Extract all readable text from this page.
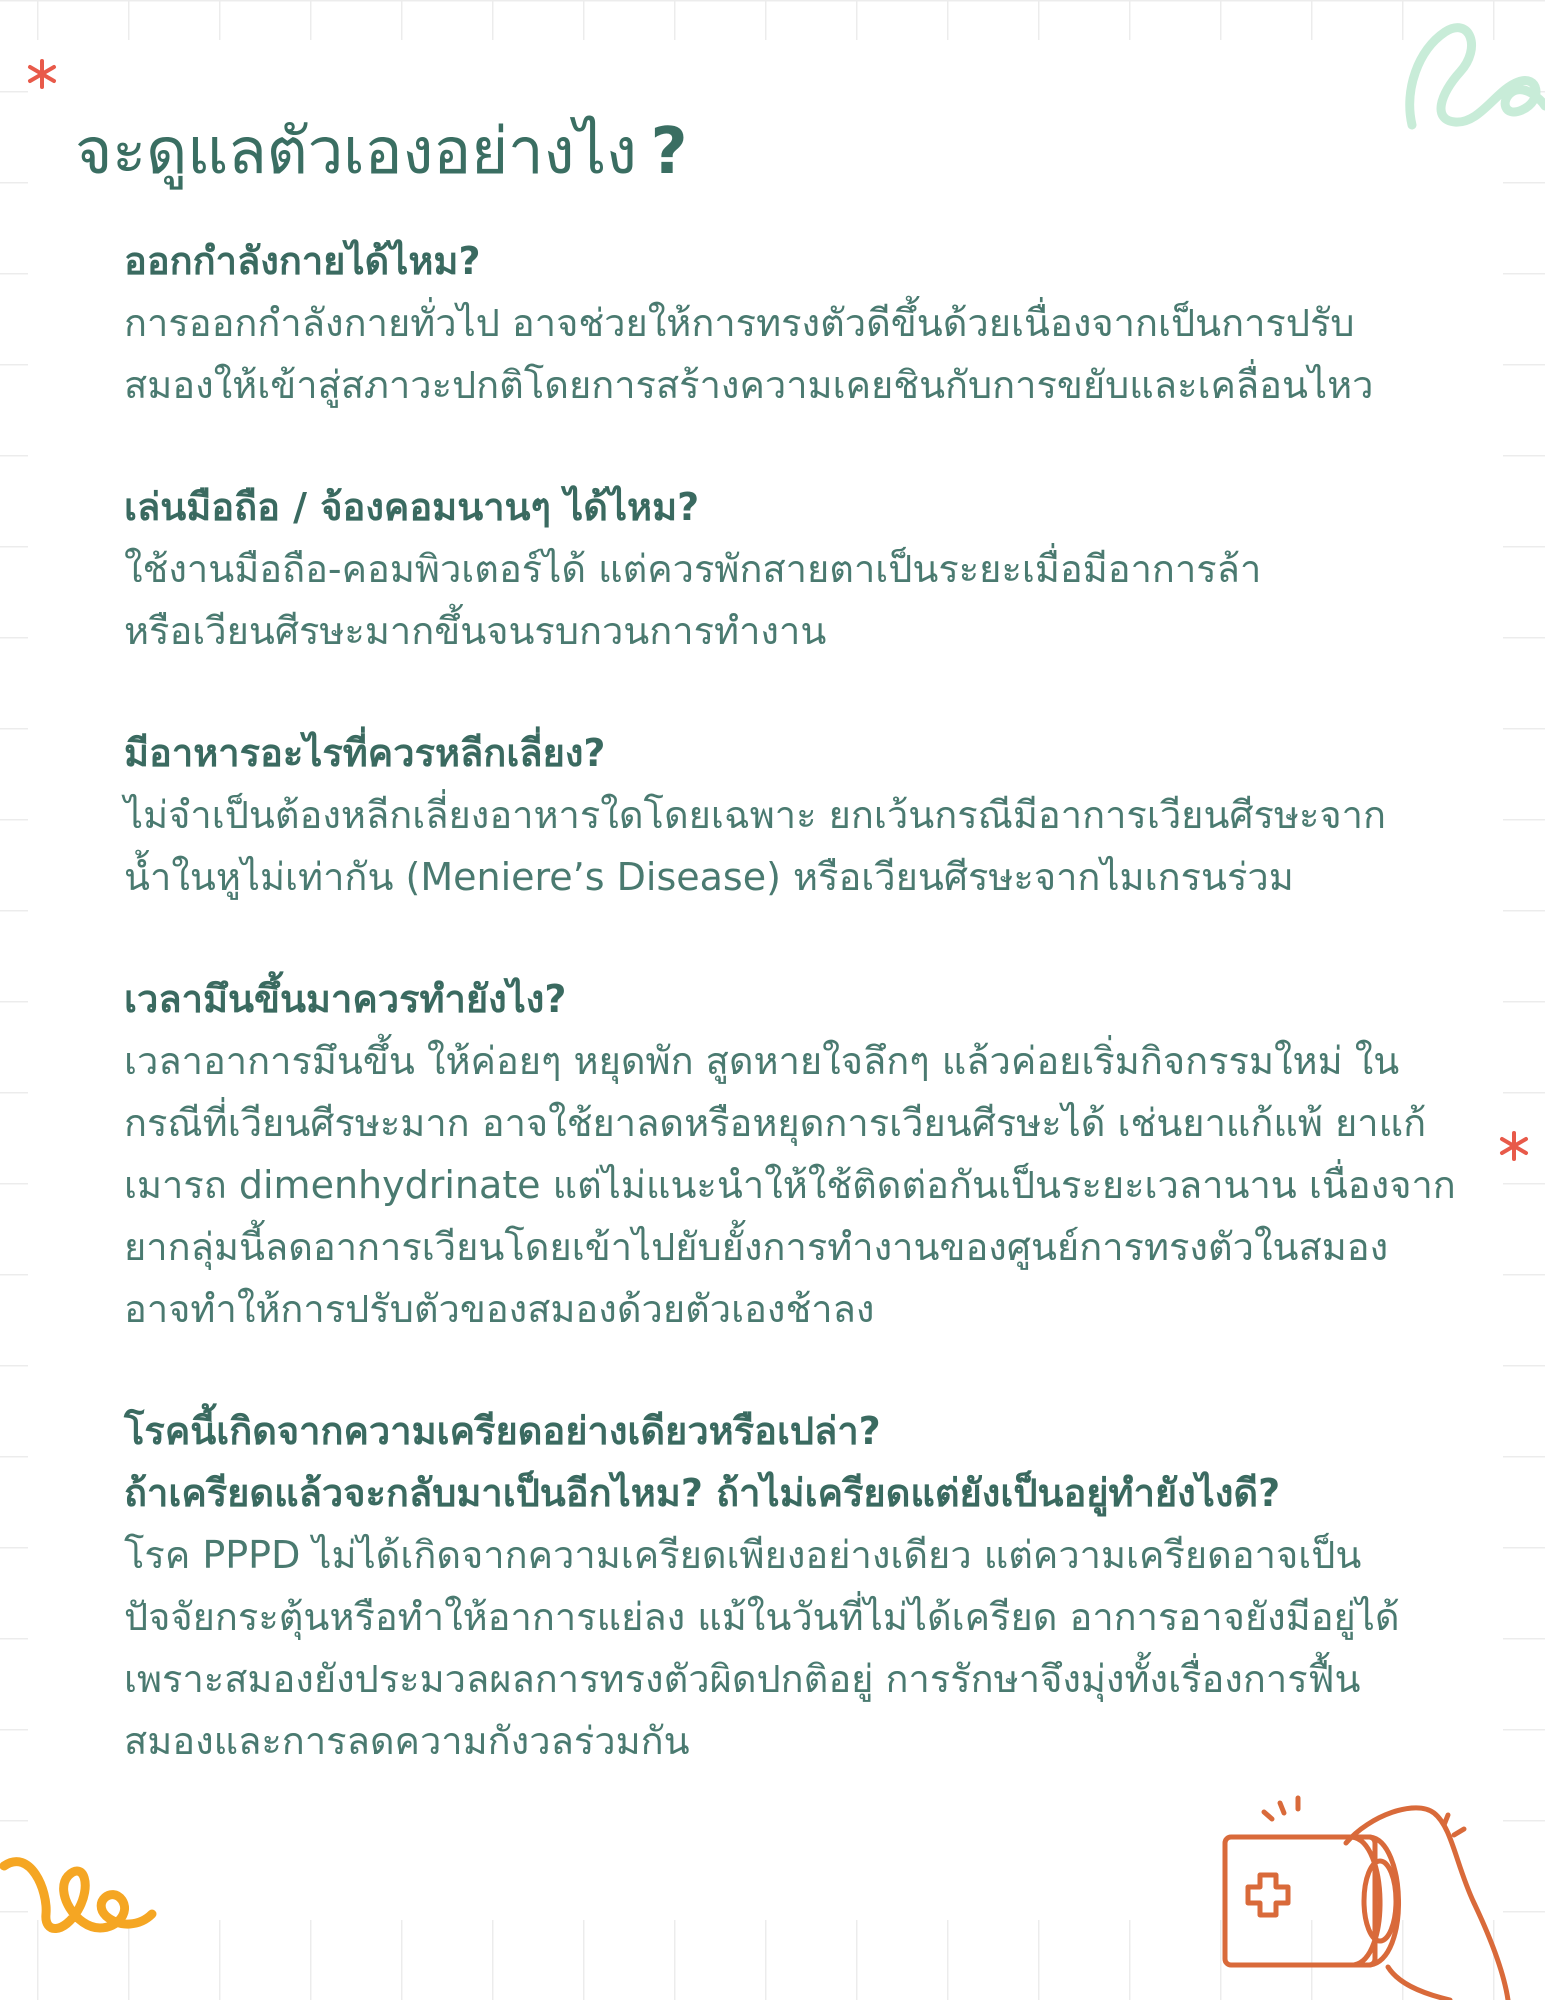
จะดูแลตัวเองอย่างไง ?
ออกกำลังกายได้ไหม?
การออกกำลังกายทั่วไป อาจช่วยให้การทรงตัวดีขึ้นด้วยเนื่องจากเป็นการปรับ
สมองให้เข้าสู่สภาวะปกติโดยการสร้างความเคยชินกับการขยับและเคลื่อนไหว
เล่นมือถือ / จ้องคอมนานๆ ได้ไหม?
ใช้งานมือถือ-คอมพิวเตอร์ได้ แต่ควรพักสายตาเป็นระยะเมื่อมีอาการล้า
หรือเวียนศีรษะมากขึ้นจนรบกวนการทำงาน
มีอาหารอะไรที่ควรหลีกเลี่ยง?
ไม่จำเป็นต้องหลีกเลี่ยงอาหารใดโดยเฉพาะ ยกเว้นกรณีมีอาการเวียนศีรษะจาก
น้ำในหูไม่เท่ากัน (Meniere’s Disease) หรือเวียนศีรษะจากไมเกรนร่วม
เวลามึนขึ้นมาควรทำยังไง?
เวลาอาการมึนขึ้น ให้ค่อยๆ หยุดพัก สูดหายใจลึกๆ แล้วค่อยเริ่มกิจกรรมใหม่ ใน
กรณีที่เวียนศีรษะมาก อาจใช้ยาลดหรือหยุดการเวียนศีรษะได้ เช่นยาแก้แพ้ ยาแก้
เมารถ dimenhydrinate แต่ไม่แนะนำให้ใช้ติดต่อกันเป็นระยะเวลานาน เนื่องจาก
ยากลุ่มนี้ลดอาการเวียนโดยเข้าไปยับยั้งการทำงานของศูนย์การทรงตัวในสมอง
อาจทำให้การปรับตัวของสมองด้วยตัวเองช้าลง
โรคนี้เกิดจากความเครียดอย่างเดียวหรือเปล่า?
ถ้าเครียดแล้วจะกลับมาเป็นอีกไหม? ถ้าไม่เครียดแต่ยังเป็นอยู่ทำยังไงดี?
โรค PPPD ไม่ได้เกิดจากความเครียดเพียงอย่างเดียว แต่ความเครียดอาจเป็น
ปัจจัยกระตุ้นหรือทำให้อาการแย่ลง แม้ในวันที่ไม่ได้เครียด อาการอาจยังมีอยู่ได้
เพราะสมองยังประมวลผลการทรงตัวผิดปกติอยู่ การรักษาจึงมุ่งทั้งเรื่องการฟื้น
สมองและการลดความกังวลร่วมกัน
